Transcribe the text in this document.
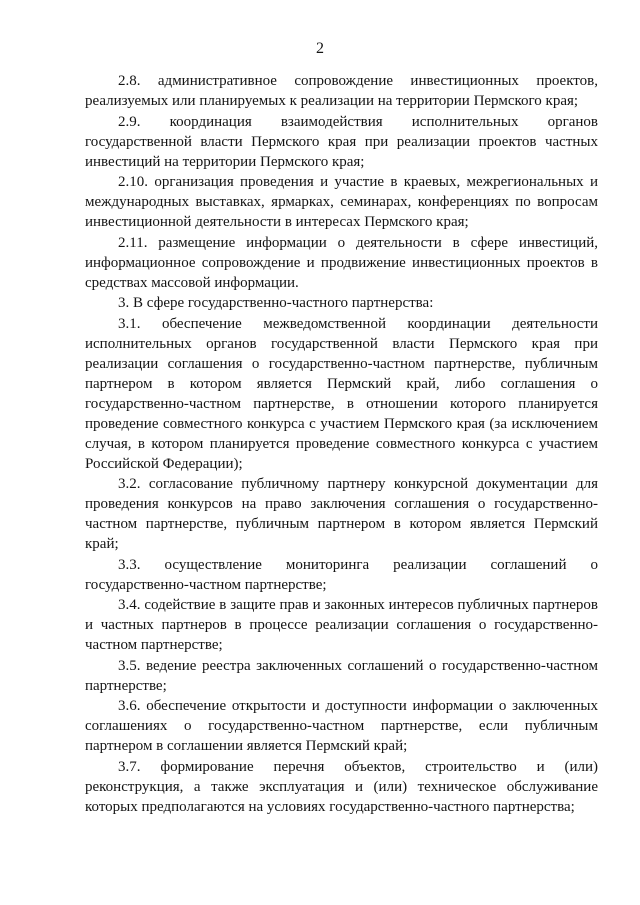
2

2.8. административное сопровождение инвестиционных проектов, реализуемых или планируемых к реализации на территории Пермского края;

2.9. координация взаимодействия исполнительных органов государственной власти Пермского края при реализации проектов частных инвестиций на территории Пермского края;

2.10. организация проведения и участие в краевых, межрегиональных и международных выставках, ярмарках, семинарах, конференциях по вопросам инвестиционной деятельности в интересах Пермского края;

2.11. размещение информации о деятельности в сфере инвестиций, информационное сопровождение и продвижение инвестиционных проектов в средствах массовой информации.

3. В сфере государственно-частного партнерства:

3.1. обеспечение межведомственной координации деятельности исполнительных органов государственной власти Пермского края при реализации соглашения о государственно-частном партнерстве, публичным партнером в котором является Пермский край, либо соглашения о государственно-частном партнерстве, в отношении которого планируется проведение совместного конкурса с участием Пермского края (за исключением случая, в котором планируется проведение совместного конкурса с участием Российской Федерации);

3.2. согласование публичному партнеру конкурсной документации для проведения конкурсов на право заключения соглашения о государственно-частном партнерстве, публичным партнером в котором является Пермский край;

3.3. осуществление мониторинга реализации соглашений о государственно-частном партнерстве;

3.4. содействие в защите прав и законных интересов публичных партнеров и частных партнеров в процессе реализации соглашения о государственно-частном партнерстве;

3.5. ведение реестра заключенных соглашений о государственно-частном партнерстве;

3.6. обеспечение открытости и доступности информации о заключенных соглашениях о государственно-частном партнерстве, если публичным партнером в соглашении является Пермский край;

3.7. формирование перечня объектов, строительство и (или) реконструкция, а также эксплуатация и (или) техническое обслуживание которых предполагаются на условиях государственно-частного партнерства;
